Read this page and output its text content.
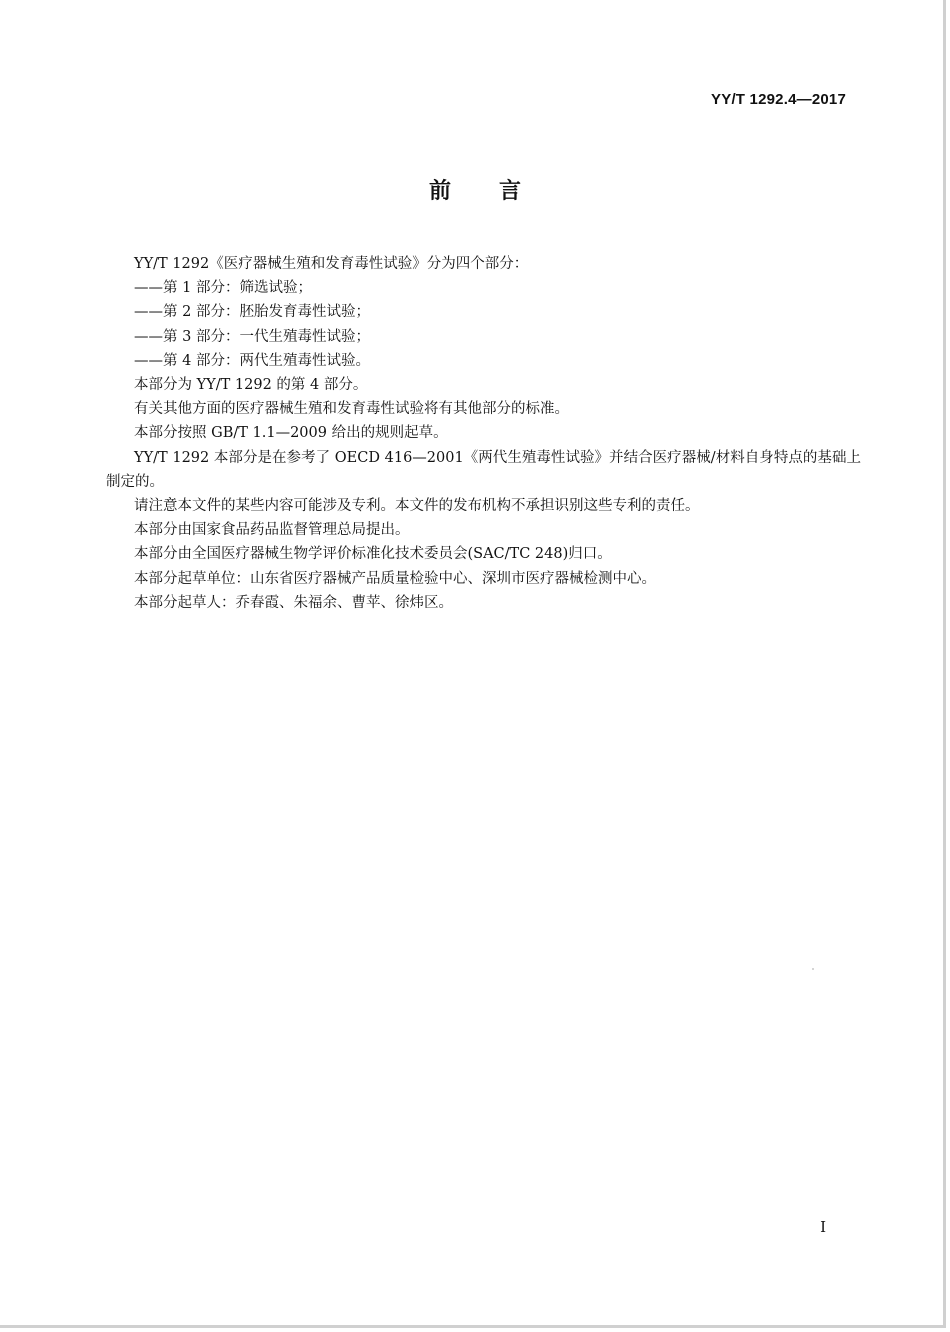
YY/T 1292.4—2017
前 言

YY/T 1292《医疗器械生殖和发育毒性试验》分为四个部分：

——第 1 部分：筛选试验；

——第 2 部分：胚胎发育毒性试验；

——第 3 部分：一代生殖毒性试验；

——第 4 部分：两代生殖毒性试验。

本部分为 YY/T 1292 的第 4 部分。

有关其他方面的医疗器械生殖和发育毒性试验将有其他部分的标准。

本部分按照 GB/T 1.1—2009 给出的规则起草。

YY/T 1292 本部分是在参考了 OECD 416—2001《两代生殖毒性试验》并结合医疗器械/材料自身特点的基础上制定的。

请注意本文件的某些内容可能涉及专利。本文件的发布机构不承担识别这些专利的责任。

本部分由国家食品药品监督管理总局提出。

本部分由全国医疗器械生物学评价标准化技术委员会(SAC/TC 248)归口。

本部分起草单位：山东省医疗器械产品质量检验中心、深圳市医疗器械检测中心。

本部分起草人：乔春霞、朱福余、曹苹、徐炜区。

I
